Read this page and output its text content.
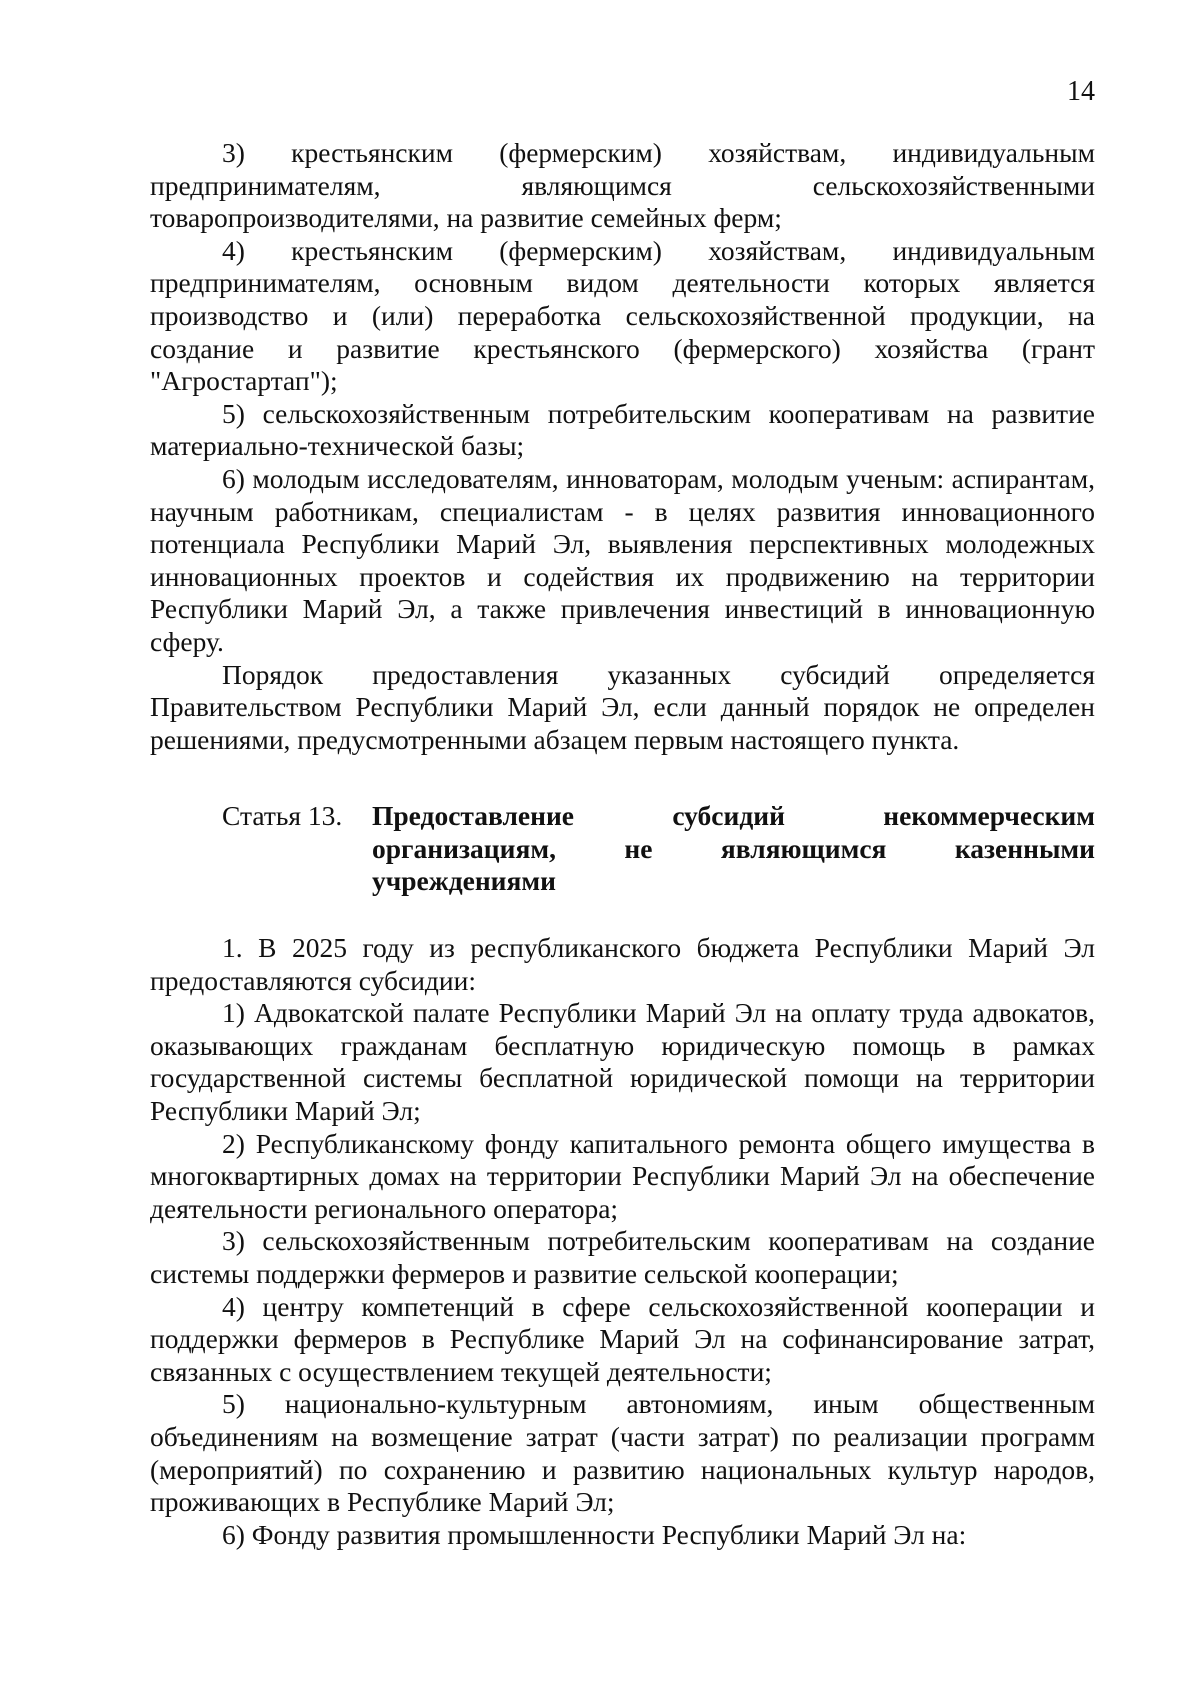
14

3) крестьянским (фермерским) хозяйствам, индивидуальным предпринимателям, являющимся сельскохозяйственными товаропроизводителями, на развитие семейных ферм;

4) крестьянским (фермерским) хозяйствам, индивидуальным предпринимателям, основным видом деятельности которых является производство и (или) переработка сельскохозяйственной продукции, на создание и развитие крестьянского (фермерского) хозяйства (грант "Агростартап");

5) сельскохозяйственным потребительским кооперативам на развитие материально-технической базы;

6) молодым исследователям, инноваторам, молодым ученым: аспирантам, научным работникам, специалистам - в целях развития инновационного потенциала Республики Марий Эл, выявления перспективных молодежных инновационных проектов и содействия их продвижению на территории Республики Марий Эл, а также привлечения инвестиций в инновационную сферу.

Порядок предоставления указанных субсидий определяется Правительством Республики Марий Эл, если данный порядок не определен решениями, предусмотренными абзацем первым настоящего пункта.

Статья 13.	Предоставление субсидий некоммерческим организациям, не являющимся казенными
учреждениями

1. В 2025 году из республиканского бюджета Республики Марий Эл предоставляются субсидии:

1) Адвокатской палате Республики Марий Эл на оплату труда адвокатов, оказывающих гражданам бесплатную юридическую помощь в рамках государственной системы бесплатной юридической помощи на территории Республики Марий Эл;

2) Республиканскому фонду капитального ремонта общего имущества в многоквартирных домах на территории Республики Марий Эл на обеспечение деятельности регионального оператора;

3) сельскохозяйственным потребительским кооперативам на создание системы поддержки фермеров и развитие сельской кооперации;

4) центру компетенций в сфере сельскохозяйственной кооперации и поддержки фермеров в Республике Марий Эл на софинансирование затрат, связанных с осуществлением текущей деятельности;

5) национально-культурным автономиям, иным общественным объединениям на возмещение затрат (части затрат) по реализации программ (мероприятий) по сохранению и развитию национальных культур народов, проживающих в Республике Марий Эл;

6) Фонду развития промышленности Республики Марий Эл на:
